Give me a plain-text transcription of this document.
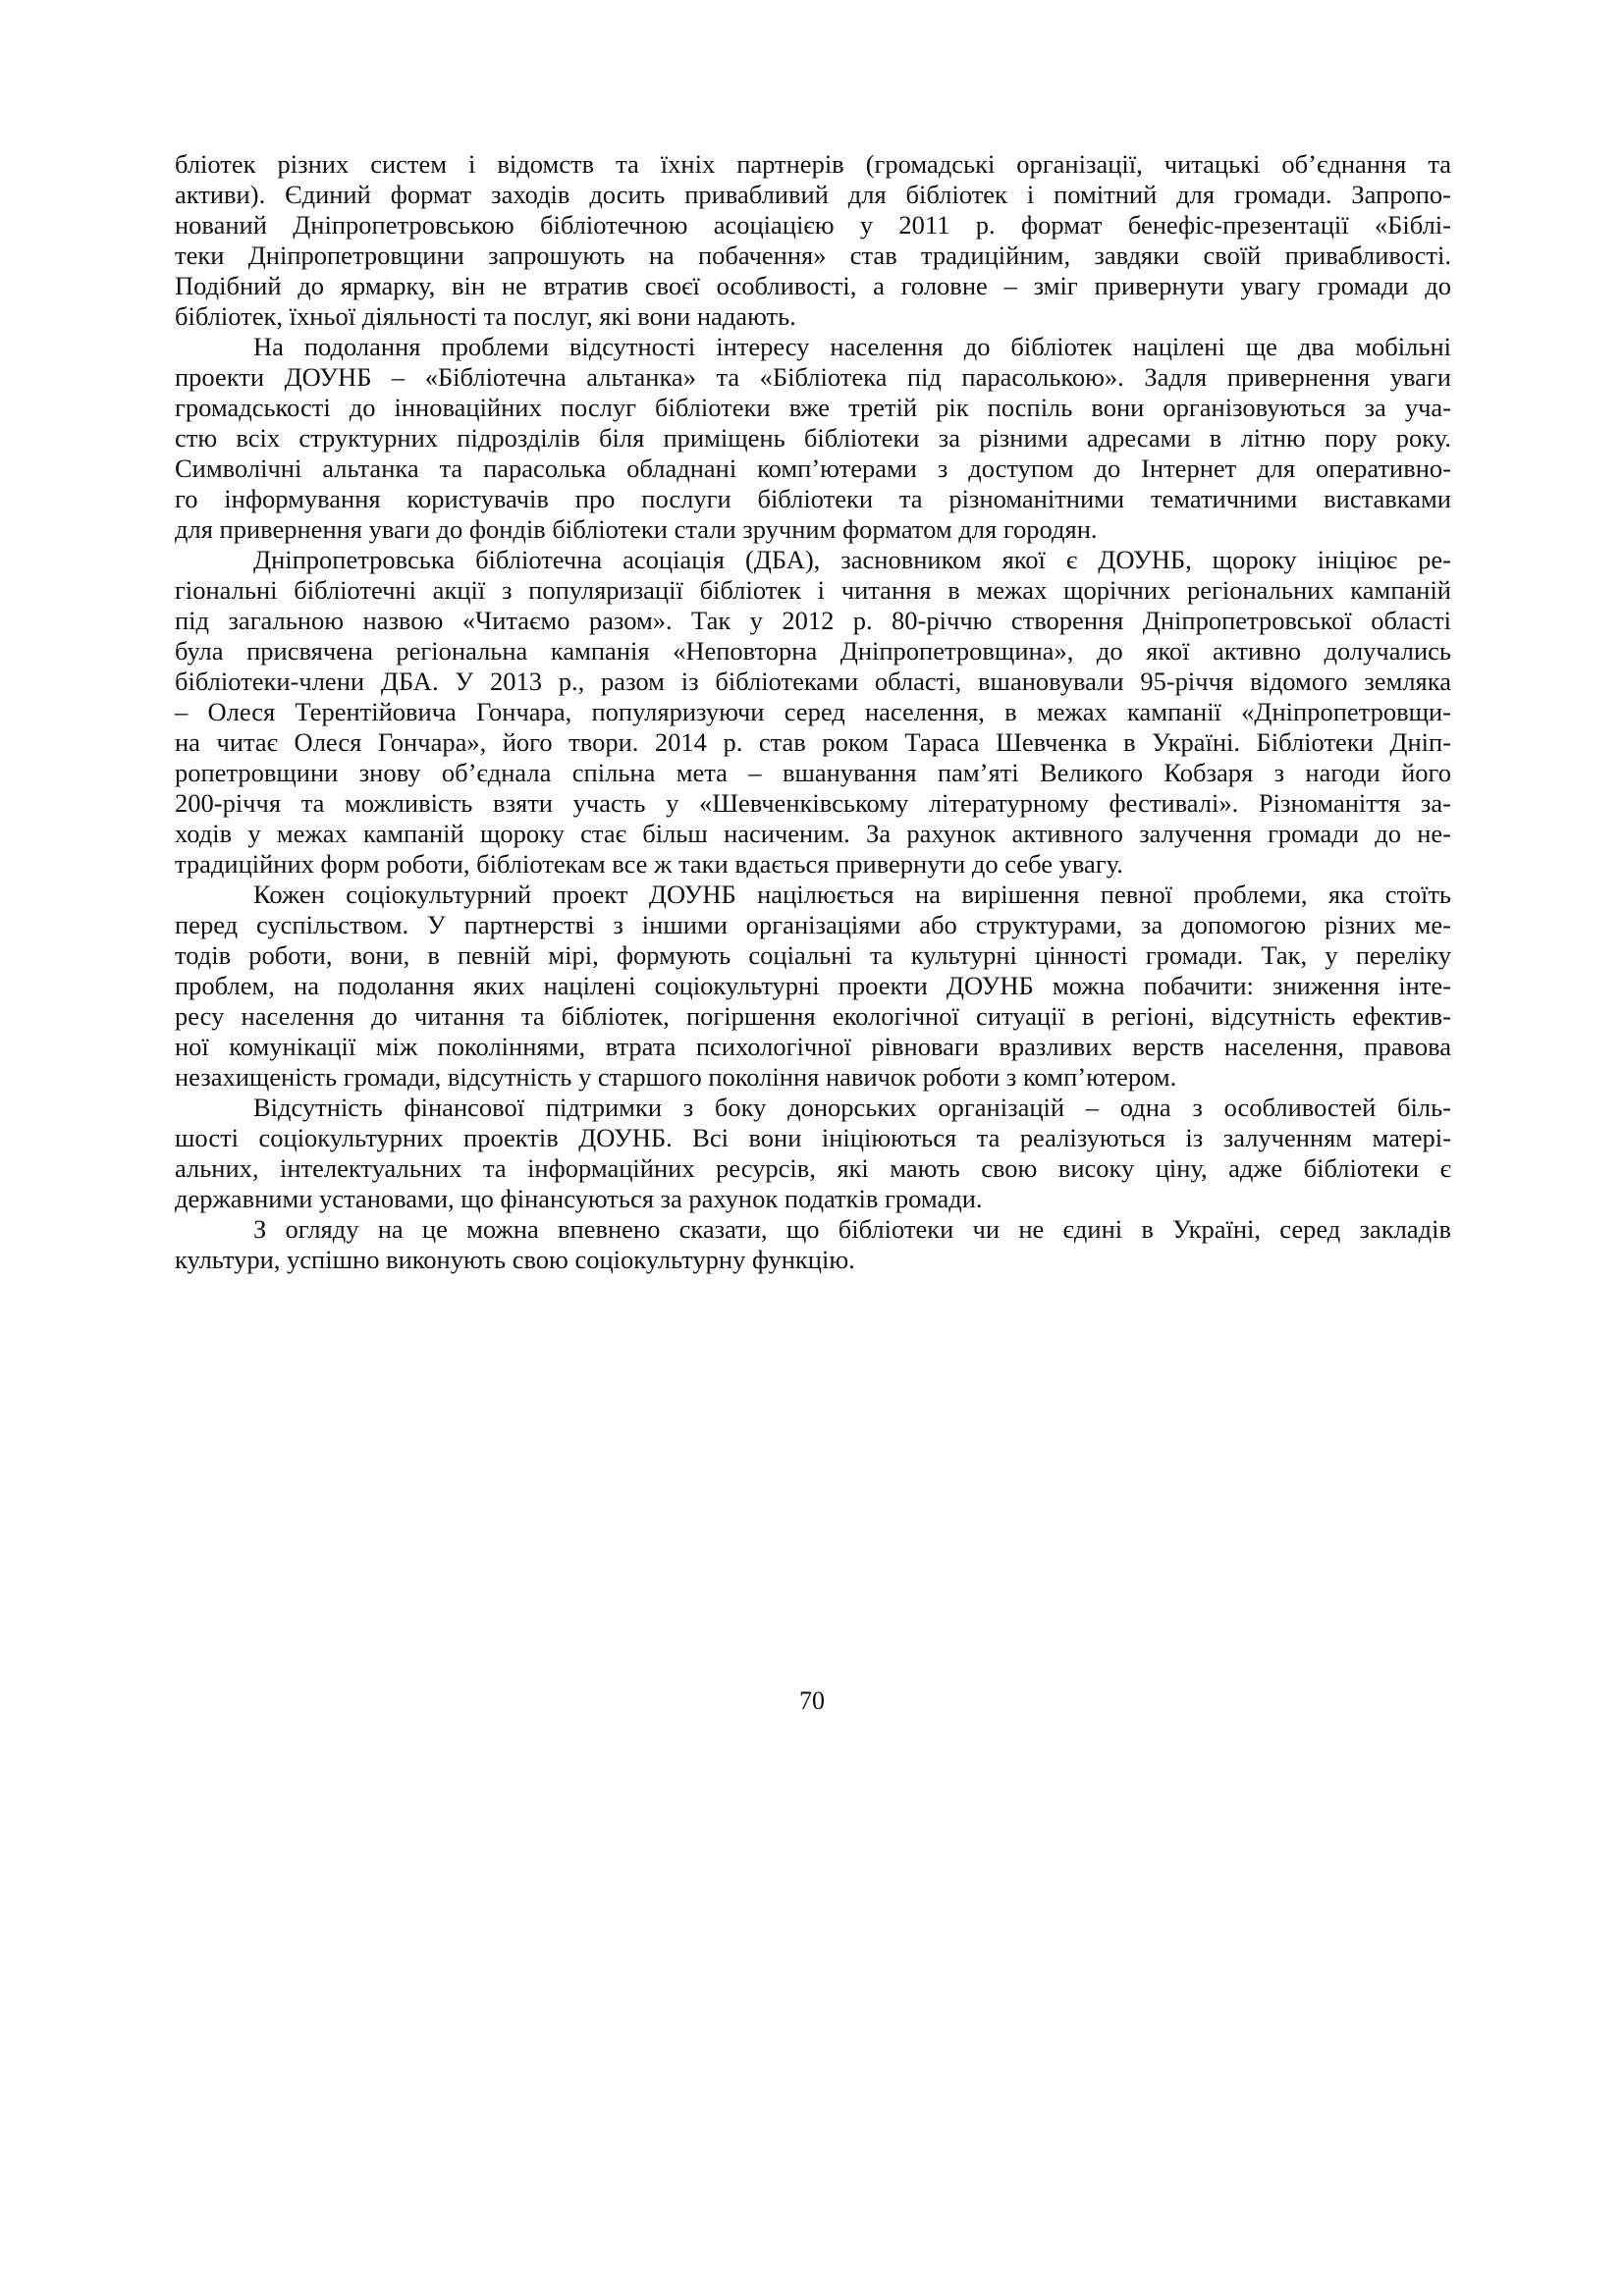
бліотек різних систем і відомств та їхніх партнерів (громадські організації, читацькі об’єднання та
активи). Єдиний формат заходів досить привабливий для бібліотек і помітний для громади. Запропо-
нований Дніпропетровською бібліотечною асоціацією у 2011 р. формат бенефіс-презентації «Біблі-
теки Дніпропетровщини запрошують на побачення» став традиційним, завдяки своїй привабливості.
Подібний до ярмарку, він не втратив своєї особливості, а головне – зміг привернути увагу громади до
бібліотек, їхньої діяльності та послуг, які вони надають.
На подолання проблеми відсутності інтересу населення до бібліотек націлені ще два мобільні
проекти ДОУНБ – «Бібліотечна альтанка» та «Бібліотека під парасолькою». Задля привернення уваги
громадськості до інноваційних послуг бібліотеки вже третій рік поспіль вони організовуються за уча-
стю всіх структурних підрозділів біля приміщень бібліотеки за різними адресами в літню пору року.
Символічні альтанка та парасолька обладнані комп’ютерами з доступом до Інтернет для оперативно-
го інформування користувачів про послуги бібліотеки та різноманітними тематичними виставками
для привернення уваги до фондів бібліотеки стали зручним форматом для городян.
Дніпропетровська бібліотечна асоціація (ДБА), засновником якої є ДОУНБ, щороку ініціює ре-
гіональні бібліотечні акції з популяризації бібліотек і читання в межах щорічних регіональних кампаній
під загальною назвою «Читаємо разом». Так у 2012 р. 80-річчю створення Дніпропетровської області
була присвячена регіональна кампанія «Неповторна Дніпропетровщина», до якої активно долучались
бібліотеки-члени ДБА. У 2013 р., разом із бібліотеками області, вшановували 95-річчя відомого земляка
– Олеся Терентійовича Гончара, популяризуючи серед населення, в межах кампанії «Дніпропетровщи-
на читає Олеся Гончара», його твори. 2014 р. став роком Тараса Шевченка в Україні. Бібліотеки Дніп-
ропетровщини знову об’єднала спільна мета – вшанування пам’яті Великого Кобзаря з нагоди його
200-річчя та можливість взяти участь у «Шевченківському літературному фестивалі». Різноманіття за-
ходів у межах кампаній щороку стає більш насиченим. За рахунок активного залучення громади до не-
традиційних форм роботи, бібліотекам все ж таки вдається привернути до себе увагу.
Кожен соціокультурний проект ДОУНБ націлюється на вирішення певної проблеми, яка стоїть
перед суспільством. У партнерстві з іншими організаціями або структурами, за допомогою різних ме-
тодів роботи, вони, в певній мірі, формують соціальні та культурні цінності громади. Так, у переліку
проблем, на подолання яких націлені соціокультурні проекти ДОУНБ можна побачити: зниження інте-
ресу населення до читання та бібліотек, погіршення екологічної ситуації в регіоні, відсутність ефектив-
ної комунікації між поколіннями, втрата психологічної рівноваги вразливих верств населення, правова
незахищеність громади, відсутність у старшого покоління навичок роботи з комп’ютером.
Відсутність фінансової підтримки з боку донорських організацій – одна з особливостей біль-
шості соціокультурних проектів ДОУНБ. Всі вони ініціюються та реалізуються із залученням матері-
альних, інтелектуальних та інформаційних ресурсів, які мають свою високу ціну, адже бібліотеки є
державними установами, що фінансуються за рахунок податків громади.
З огляду на це можна впевнено сказати, що бібліотеки чи не єдині в Україні, серед закладів
культури, успішно виконують свою соціокультурну функцію.
70
